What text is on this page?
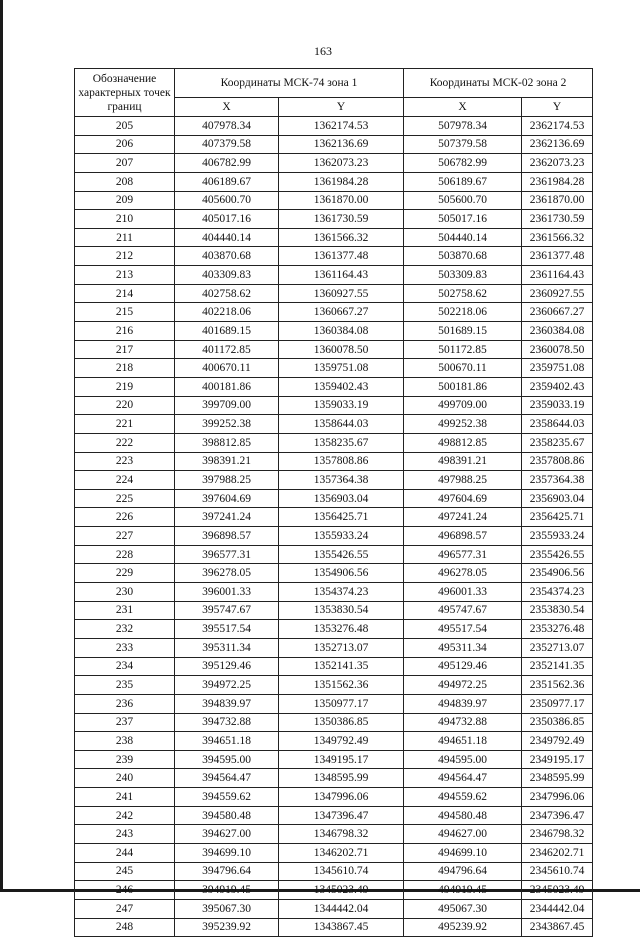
163
Обозначение характерных точек границ	Координаты МСК-74 зона 1		Координаты МСК-02 зона 2	
	X	Y	X	Y
205	407978.34	1362174.53	507978.34	2362174.53
206	407379.58	1362136.69	507379.58	2362136.69
207	406782.99	1362073.23	506782.99	2362073.23
208	406189.67	1361984.28	506189.67	2361984.28
209	405600.70	1361870.00	505600.70	2361870.00
210	405017.16	1361730.59	505017.16	2361730.59
211	404440.14	1361566.32	504440.14	2361566.32
212	403870.68	1361377.48	503870.68	2361377.48
213	403309.83	1361164.43	503309.83	2361164.43
214	402758.62	1360927.55	502758.62	2360927.55
215	402218.06	1360667.27	502218.06	2360667.27
216	401689.15	1360384.08	501689.15	2360384.08
217	401172.85	1360078.50	501172.85	2360078.50
218	400670.11	1359751.08	500670.11	2359751.08
219	400181.86	1359402.43	500181.86	2359402.43
220	399709.00	1359033.19	499709.00	2359033.19
221	399252.38	1358644.03	499252.38	2358644.03
222	398812.85	1358235.67	498812.85	2358235.67
223	398391.21	1357808.86	498391.21	2357808.86
224	397988.25	1357364.38	497988.25	2357364.38
225	397604.69	1356903.04	497604.69	2356903.04
226	397241.24	1356425.71	497241.24	2356425.71
227	396898.57	1355933.24	496898.57	2355933.24
228	396577.31	1355426.55	496577.31	2355426.55
229	396278.05	1354906.56	496278.05	2354906.56
230	396001.33	1354374.23	496001.33	2354374.23
231	395747.67	1353830.54	495747.67	2353830.54
232	395517.54	1353276.48	495517.54	2353276.48
233	395311.34	1352713.07	495311.34	2352713.07
234	395129.46	1352141.35	495129.46	2352141.35
235	394972.25	1351562.36	494972.25	2351562.36
236	394839.97	1350977.17	494839.97	2350977.17
237	394732.88	1350386.85	494732.88	2350386.85
238	394651.18	1349792.49	494651.18	2349792.49
239	394595.00	1349195.17	494595.00	2349195.17
240	394564.47	1348595.99	494564.47	2348595.99
241	394559.62	1347996.06	494559.62	2347996.06
242	394580.48	1347396.47	494580.48	2347396.47
243	394627.00	1346798.32	494627.00	2346798.32
244	394699.10	1346202.71	494699.10	2346202.71
245	394796.64	1345610.74	494796.64	2345610.74
246	394919.45	1345023.49	494919.45	2345023.49
247	395067.30	1344442.04	495067.30	2344442.04
248	395239.92	1343867.45	495239.92	2343867.45
